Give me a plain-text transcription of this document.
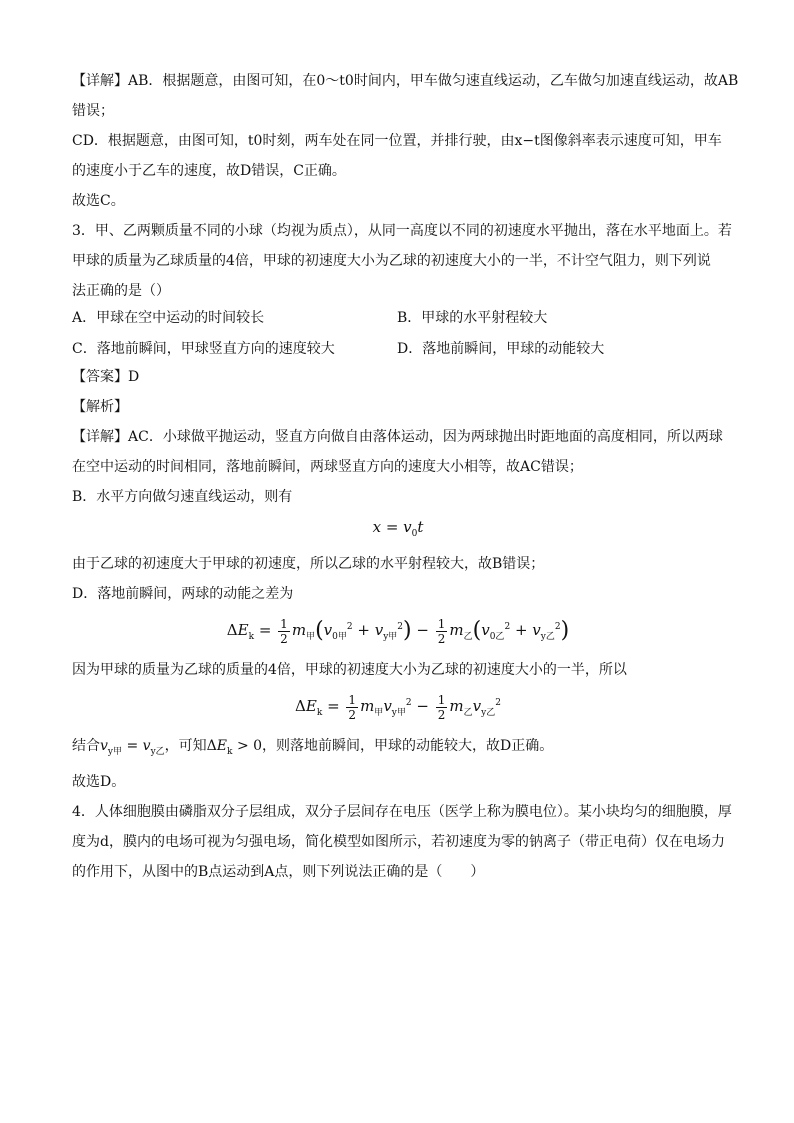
【详解】AB．根据题意，由图可知，在0～t0时间内，甲车做匀速直线运动，乙车做匀加速直线运动，故AB

错误；

CD．根据题意，由图可知，t0时刻，两车处在同一位置，并排行驶，由x−t图像斜率表示速度可知，甲车

的速度小于乙车的速度，故D错误，C正确。

故选C。

3．甲、乙两颗质量不同的小球（均视为质点），从同一高度以不同的初速度水平抛出，落在水平地面上。若

甲球的质量为乙球质量的4倍，甲球的初速度大小为乙球的初速度大小的一半，不计空气阻力，则下列说

法正确的是（）

A．甲球在空中运动的时间较长	B．甲球的水平射程较大
C．落地前瞬间，甲球竖直方向的速度较大	D．落地前瞬间，甲球的动能较大

【答案】D

【解析】

【详解】AC．小球做平抛运动，竖直方向做自由落体运动，因为两球抛出时距地面的高度相同，所以两球

在空中运动的时间相同，落地前瞬间，两球竖直方向的速度大小相等，故AC错误；

B．水平方向做匀速直线运动，则有

$x = v_0t$

由于乙球的初速度大于甲球的初速度，所以乙球的水平射程较大，故B错误；

D．落地前瞬间，两球的动能之差为

$\Delta E_k = \frac{1}{2} m_甲(v_{0甲}^2 + v_{y甲}^2) - \frac{1}{2} m_乙(v_{0乙}^2 + v_{y乙}^2)$

因为甲球的质量为乙球的质量的4倍，甲球的初速度大小为乙球的初速度大小的一半，所以

$\Delta E_k = \frac{1}{2} m_甲v_{y甲}^2 - \frac{1}{2} m_乙v_{y乙}^2$

结合$v_{y甲} = v_{y乙}$，可知$\Delta E_k > 0$，则落地前瞬间，甲球的动能较大，故D正确。

故选D。

4．人体细胞膜由磷脂双分子层组成，双分子层间存在电压（医学上称为膜电位）。某小块均匀的细胞膜，厚

度为d，膜内的电场可视为匀强电场，简化模型如图所示，若初速度为零的钠离子（带正电荷）仅在电场力

的作用下，从图中的B点运动到A点，则下列说法正确的是（　　）
